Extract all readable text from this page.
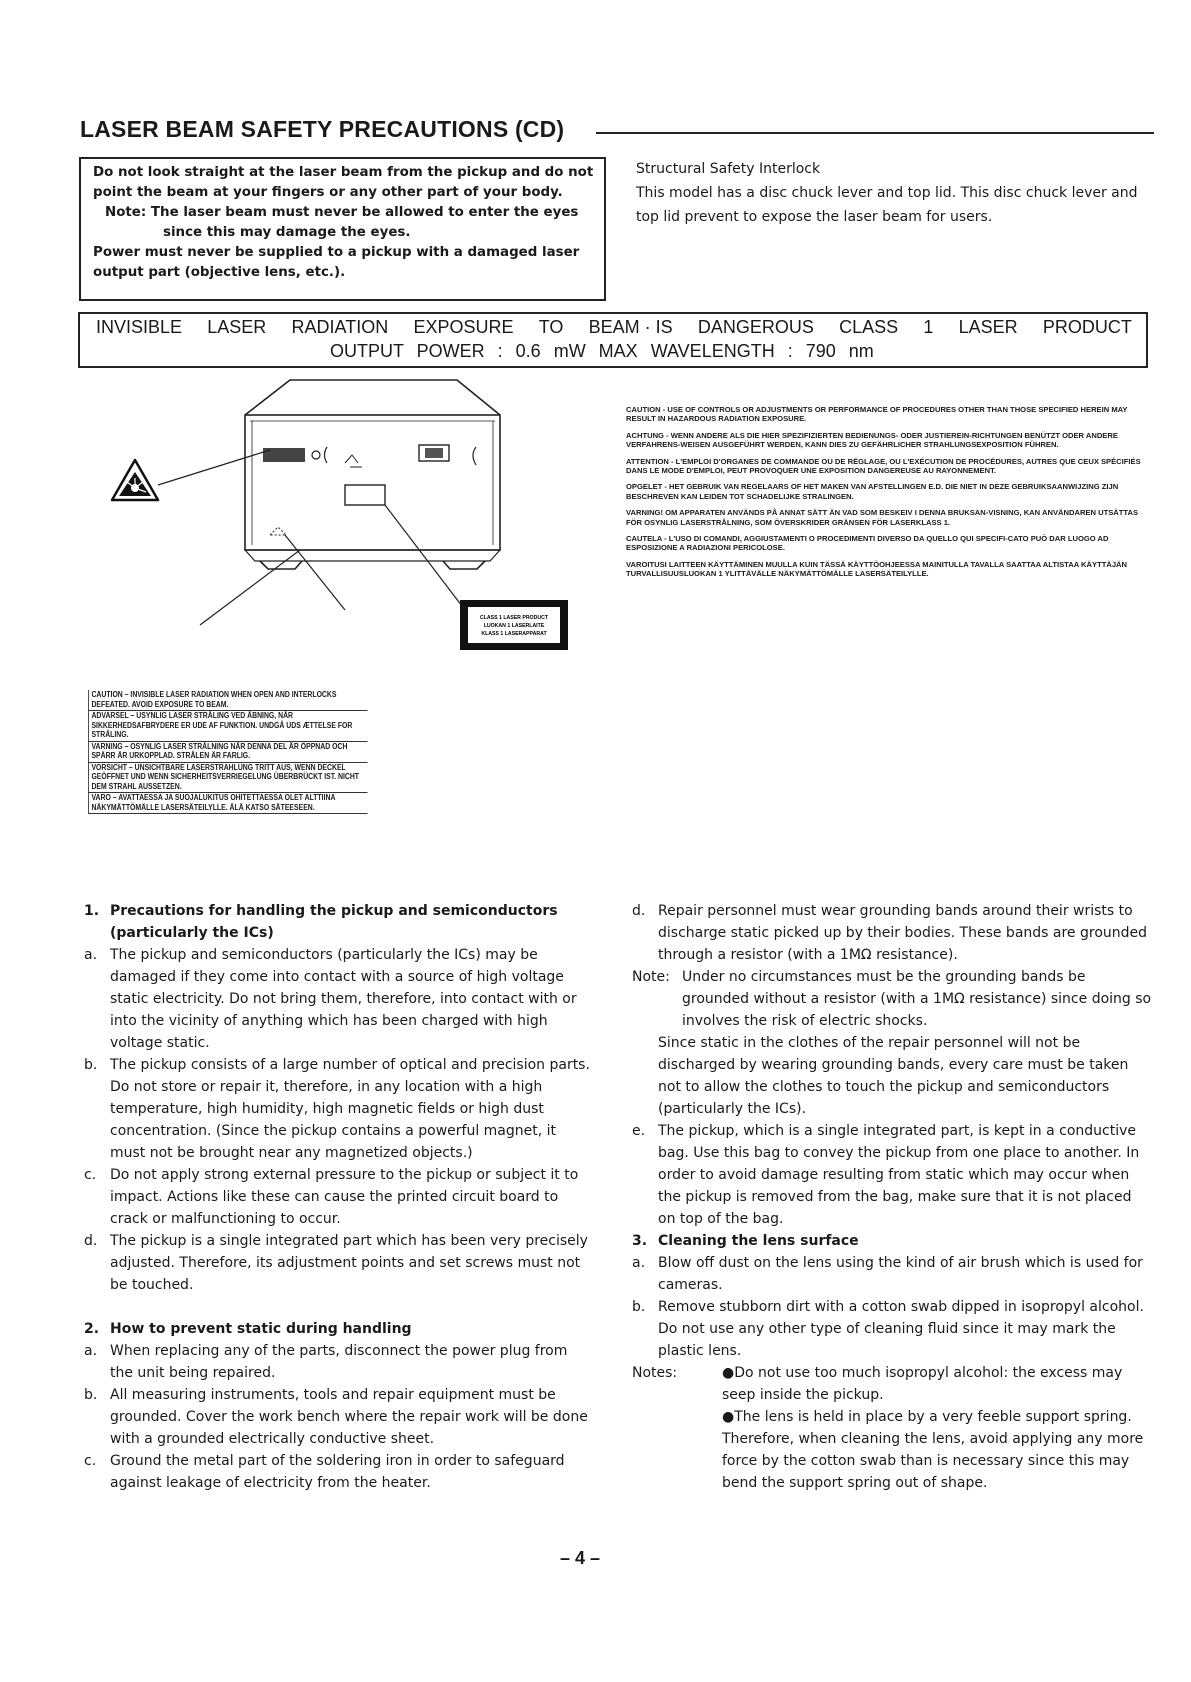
LASER BEAM SAFETY PRECAUTIONS (CD)

Do not look straight at the laser beam from the pickup and do not point the beam at your fingers or any other part of your body.

Note: The laser beam must never be allowed to enter the eyes

since this may damage the eyes.

Power must never be supplied to a pickup with a damaged laser output part (objective lens, etc.).

Structural Safety Interlock

This model has a disc chuck lever and top lid. This disc chuck lever and top lid prevent to expose the laser beam for users.

INVISIBLE LASER RADIATION EXPOSURE TO BEAM · IS DANGEROUS CLASS 1 LASER PRODUCT
OUTPUT POWER : 0.6 mW MAX WAVELENGTH : 790 nm
CLASS 1 LASER PRODUCT
LUOKAN 1 LASERLAITE
KLASS 1 LASERAPPARAT
CAUTION – INVISIBLE LASER RADIATION WHEN OPEN AND INTERLOCKS DEFEATED. AVOID EXPOSURE TO BEAM.
ADVARSEL – USYNLIG LASER STRÅLING VED ÅBNING, NÅR SIKKERHEDSAFBRYDERE ER UDE AF FUNKTION. UNDGÅ UDS ÆTTELSE FOR STRÅLING.
VARNING – OSYNLIG LASER STRÅLNING NÄR DENNA DEL ÄR ÖPPNAD OCH SPÄRR ÄR URKOPPLAD. STRÅLEN ÄR FARLIG.
VORSICHT – UNSICHTBARE LASERSTRAHLUNG TRITT AUS, WENN DECKEL GEÖFFNET UND WENN SICHERHEITSVERRIEGELUNG ÜBERBRÜCKT IST. NICHT DEM STRAHL AUSSETZEN.
VARO – AVATTAESSA JA SUOJALUKITUS OHITETTAESSA OLET ALTTIINA NÄKYMÄTTÖMÄLLE LASERSÄTEILYLLE. ÄLÄ KATSO SÄTEESEEN.

CAUTION - USE OF CONTROLS OR ADJUSTMENTS OR PERFORMANCE OF PROCEDURES OTHER THAN THOSE SPECIFIED HEREIN MAY RESULT IN HAZARDOUS RADIATION EXPOSURE.

ACHTUNG - WENN ANDERE ALS DIE HIER SPEZIFIZIERTEN BEDIENUNGS- ODER JUSTIEREIN-RICHTUNGEN BENÜTZT ODER ANDERE VERFAHRENS-WEISEN AUSGEFÜHRT WERDEN, KANN DIES ZU GEFÄHRLICHER STRAHLUNGSEXPOSITION FÜHREN.

ATTENTION - L'EMPLOI D'ORGANES DE COMMANDE OU DE RÉGLAGE, OU L'EXÉCUTION DE PROCÉDURES, AUTRES QUE CEUX SPÉCIFIÉS DANS LE MODE D'EMPLOI, PEUT PROVOQUER UNE EXPOSITION DANGEREUSE AU RAYONNEMENT.

OPGELET - HET GEBRUIK VAN REGELAARS OF HET MAKEN VAN AFSTELLINGEN E.D. DIE NIET IN DEZE GEBRUIKSAANWIJZING ZIJN BESCHREVEN KAN LEIDEN TOT SCHADELIJKE STRALINGEN.

VARNING! OM APPARATEN ANVÄNDS PÅ ANNAT SÄTT ÄN VAD SOM BESKEIV I DENNA BRUKSAN-VISNING, KAN ANVÄNDAREN UTSÄTTAS FÖR OSYNLIG LASERSTRÅLNING, SOM ÖVERSKRIDER GRÄNSEN FÖR LASERKLASS 1.

CAUTELA - L'USO DI COMANDI, AGGIUSTAMENTI O PROCEDIMENTI DIVERSO DA QUELLO QUI SPECIFI-CATO PUÒ DAR LUOGO AD ESPOSIZIONE A RADIAZIONI PERICOLOSE.

VAROITUSI LAITTEEN KÄYTTÄMINEN MUULLA KUIN TÄSSÄ KÄYTTÖOHJEESSA MAINITULLA TAVALLA SAATTAA ALTISTAA KÄYTTÄJÄN TURVALLISUUSLUOKAN 1 YLITTÄVÄLLE NÄKYMÄTTÖMÄLLE LASERSÄTEILYLLE.

1. Precautions for handling the pickup and semiconductors (particularly the ICs)

a. The pickup and semiconductors (particularly the ICs) may be damaged if they come into contact with a source of high voltage static electricity. Do not bring them, therefore, into contact with or into the vicinity of anything which has been charged with high voltage static.

b. The pickup consists of a large number of optical and precision parts. Do not store or repair it, therefore, in any location with a high temperature, high humidity, high magnetic fields or high dust concentration. (Since the pickup contains a powerful magnet, it must not be brought near any magnetized objects.)

c. Do not apply strong external pressure to the pickup or subject it to impact. Actions like these can cause the printed circuit board to crack or malfunctioning to occur.

d. The pickup is a single integrated part which has been very precisely adjusted. Therefore, its adjustment points and set screws must not be touched.

2. How to prevent static during handling

a. When replacing any of the parts, disconnect the power plug from the unit being repaired.

b. All measuring instruments, tools and repair equipment must be grounded. Cover the work bench where the repair work will be done with a grounded electrically conductive sheet.

c. Ground the metal part of the soldering iron in order to safeguard against leakage of electricity from the heater.

d. Repair personnel must wear grounding bands around their wrists to discharge static picked up by their bodies. These bands are grounded through a resistor (with a 1MΩ resistance).

Note: Under no circumstances must be the grounding bands be grounded without a resistor (with a 1MΩ resistance) since doing so involves the risk of electric shocks.

Since static in the clothes of the repair personnel will not be discharged by wearing grounding bands, every care must be taken not to allow the clothes to touch the pickup and semiconductors (particularly the ICs).

e. The pickup, which is a single integrated part, is kept in a conductive bag. Use this bag to convey the pickup from one place to another. In order to avoid damage resulting from static which may occur when the pickup is removed from the bag, make sure that it is not placed on top of the bag.

3. Cleaning the lens surface

a. Blow off dust on the lens using the kind of air brush which is used for cameras.

b. Remove stubborn dirt with a cotton swab dipped in isopropyl alcohol. Do not use any other type of cleaning fluid since it may mark the plastic lens.

Notes:	●Do not use too much isopropyl alcohol: the excess may seep inside the pickup.

●The lens is held in place by a very feeble support spring. Therefore, when cleaning the lens, avoid applying any more force by the cotton swab than is necessary since this may bend the support spring out of shape.

– 4 –
